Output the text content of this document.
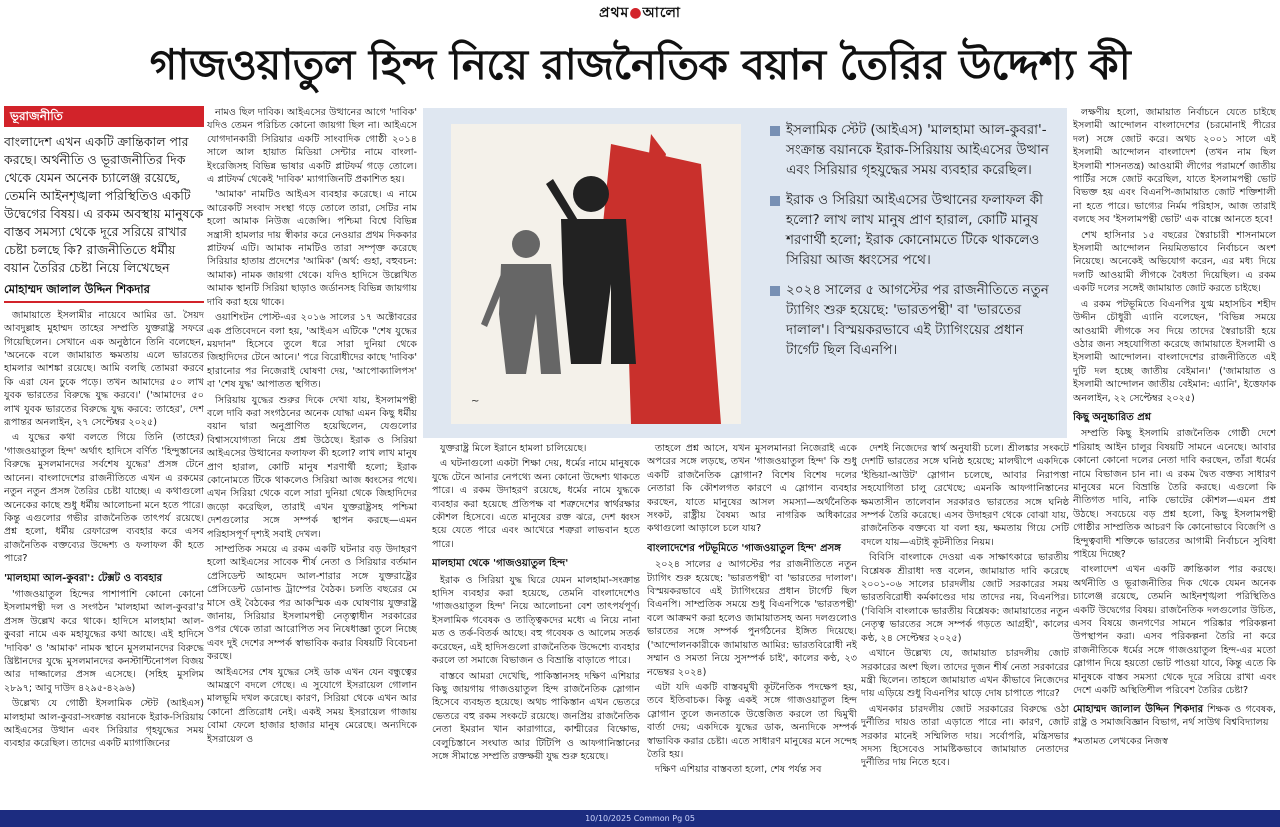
প্রথম●আলো
গাজওয়াতুল হিন্দ নিয়ে রাজনৈতিক বয়ান তৈরির উদ্দেশ্য কী
ভূরাজনীতি

বাংলাদেশ এখন একটি ক্রান্তিকাল পার করছে। অর্থনীতি ও ভূরাজনীতির দিক থেকে যেমন অনেক চ্যালেঞ্জ রয়েছে, তেমনি আইনশৃঙ্খলা পরিস্থিতিও একটি উদ্বেগের বিষয়। এ রকম অবস্থায় মানুষকে বাস্তব সমস্যা থেকে দূরে সরিয়ে রাখার চেষ্টা চলছে কি? রাজনীতিতে ধর্মীয় বয়ান তৈরির চেষ্টা নিয়ে লিখেছেন

মোহাম্মদ জালাল উদ্দিন শিকদার

জামায়াতে ইসলামীর নায়েবে আমির ডা. সৈয়দ আবদুল্লাহ মুহাম্মদ তাহের সম্প্রতি যুক্তরাষ্ট্র সফরে গিয়েছিলেন। সেখানে এক অনুষ্ঠানে তিনি বলেছেন, 'অনেকে বলে জামায়াত ক্ষমতায় এলে ভারতের হামলার আশঙ্কা রয়েছে। আমি বলছি তোমরা করবে কি এরা যেন ঢুকে পড়ে। তখন আমাদের ৫০ লাখ যুবক ভারতের বিরুদ্ধে যুদ্ধ করবে।' ('আমাদের ৫০ লাখ যুবক ভারতের বিরুদ্ধে যুদ্ধ করবে: তাহের', দেশ রূপান্তর অনলাইন, ২৭ সেপ্টেম্বর ২০২৫)

এ যুদ্ধের কথা বলতে গিয়ে তিনি (তাহের) 'গাজওয়াতুল হিন্দ' অর্থাৎ হাদিসে বর্ণিত 'হিন্দুস্তানের বিরুদ্ধে মুসলমানদের সর্বশেষ যুদ্ধের' প্রসঙ্গ টেনে আনেন। বাংলাদেশের রাজনীতিতে এখন এ রকমের নতুন নতুন প্রসঙ্গ তৈরির চেষ্টা যাচ্ছে। এ কথাগুলো অনেকের কাছে শুধু ধর্মীয় আলোচনা মনে হতে পারে। কিন্তু এগুলোর গভীর রাজনৈতিক তাৎপর্য রয়েছে। প্রশ্ন হলো, ধর্মীয় রেফারেন্স ব্যবহার করে এসব রাজনৈতিক বক্তব্যের উদ্দেশ্য ও ফলাফল কী হতে পারে?

'মালহামা আল-কুবরা': টেক্সট ও ব্যবহার

'গাজওয়াতুল হিন্দের পাশাপাশি কোনো কোনো ইসলামপন্থী দল ও সংগঠন 'মালহামা আল-কুবরা'র প্রসঙ্গ উল্লেখ করে থাকে। হাদিসে মালহামা আল-কুবরা নামে এক মহাযুদ্ধের কথা আছে। এই হাদিসে 'দাবিক' ও 'আমাক' নামক স্থানে মুসলমানদের বিরুদ্ধে খ্রিষ্টানদের যুদ্ধে মুসলমানদের কনস্টান্টিনোপল বিজয় আর দাজ্জালের প্রসঙ্গ এসেছে। (সহিহ মুসলিম ২৮৯৭; আবু দাউদ ৪২৯৫-৪২৯৬)

উল্লেখ্য যে গোষ্ঠী ইসলামিক স্টেট (আইএস) মালহামা আল-কুবরা-সংক্রান্ত বয়ানকে ইরাক-সিরিয়ায় আইএসের উত্থান এবং সিরিয়ার গৃহযুদ্ধের সময় ব্যবহার করেছিল। তাদের একটি ম্যাগাজিনের

নামও ছিল দাবিক। আইএসের উত্থানের আগে 'দাবিক' যদিও তেমন পরিচিত কোনো জায়গা ছিল না। আইএসে যোগদানকারী সিরিয়ার একটি সাংবাদিক গোষ্ঠী ২০১৪ সালে আল হায়াত মিডিয়া সেন্টার নামে বাংলা-ইংরেজিসহ বিভিন্ন ভাষার একটি প্লাটফর্ম গড়ে তোলে। এ প্লাটফর্ম থেকেই 'দাবিক' ম্যাগাজিনটি প্রকাশিত হয়।

'আমাক' নামটিও আইএস ব্যবহার করেছে। এ নামে আরেকটি সংবাদ সংস্থা গড়ে তোলে তারা, সেটির নাম হলো আমাক নিউজ এজেন্সি। পশ্চিমা বিশ্বে বিভিন্ন সন্ত্রাসী হামলার দায় স্বীকার করে নেওয়ার প্রথম দিককার প্লাটফর্ম এটি। আমাক নামটিও তারা সম্পৃক্ত করেছে সিরিয়ার হাতায় প্রদেশের 'আমিক' (অর্থ: গুহা, বহুবচন: আমাক) নামক জায়গা থেকে। যদিও হাদিসে উল্লেখিত আমাক স্থানটি সিরিয়া ছাড়াও জর্ডানসহ বিভিন্ন জায়গায় দাবি করা হয়ে থাকে।

ওয়াশিংটন পোস্ট-এর ২০১৬ সালের ১৭ অক্টোবরের এক প্রতিবেদনে বলা হয়, 'আইএস এটিকে "শেষ যুদ্ধের ময়দান" হিসেবে তুলে ধরে সারা দুনিয়া থেকে জিহাদিদের টেনে আনে।' পরে বিরোধীদের কাছে 'দাবিক' হারানোর পর নিজেরাই ঘোষণা দেয়, 'আপোক্যালিপস' বা 'শেষ যুদ্ধ' আপাতত স্থগিত।

সিরিয়ায় যুদ্ধের শুরুর দিকে দেখা যায়, ইসলামপন্থী বলে দাবি করা সংগঠনের অনেক যোদ্ধা এমন কিছু ধর্মীয় বয়ান দ্বারা অনুপ্রাণিত হয়েছিলেন, যেগুলোর বিশ্বাসযোগ্যতা নিয়ে প্রশ্ন উঠেছে। ইরাক ও সিরিয়া আইএসের উত্থানের ফলাফল কী হলো? লাখ লাখ মানুষ প্রাণ হারাল, কোটি মানুষ শরণার্থী হলো; ইরাক কোনোমতে টিকে থাকলেও সিরিয়া আজ ধ্বংসের পথে। এখন সিরিয়া থেকে বলে সারা দুনিয়া থেকে জিহাদিদের জড়ো করেছিল, তারাই এখন যুক্তরাষ্ট্রসহ পশ্চিমা দেশগুলোর সঙ্গে সম্পর্ক স্থাপন করছে—এমন পরিহাসপূর্ণ দৃশ্যই সবাই দেখল।

সাম্প্রতিক সময়ে এ রকম একটি ঘটনার বড় উদাহরণ হলো আইএসের সাবেক শীর্ষ নেতা ও সিরিয়ার বর্তমান প্রেসিডেন্ট আহমেদ আল-শারার সঙ্গে যুক্তরাষ্ট্রের প্রেসিডেন্ট ডোনাল্ড ট্রাম্পের বৈঠক। চলতি বছরের মে মাসে ওই বৈঠকের পর আকস্মিক এক ঘোষণায় যুক্তরাষ্ট্র জানায়, সিরিয়ার ইসলামপন্থী নেতৃত্বাধীন সরকারের ওপর থেকে তারা আরোপিত সব নিষেধাজ্ঞা তুলে নিচ্ছে এবং দুই দেশের সম্পর্ক স্বাভাবিক করার বিষয়টি বিবেচনা করছে।

আইএসের শেষ যুদ্ধের সেই ডাক এখন যেন বন্ধুত্বের আমন্ত্রণে বদলে গেছে। এ সুযোগে ইসরায়েল গোলান মালভূমি দখল করেছে। কারণ, সিরিয়া থেকে এখন আর কোনো প্রতিরোধ নেই। একই সময় ইসরায়েল গাজায় বোমা ফেলে হাজার হাজার মানুষ মেরেছে। অন্যদিকে ইসরায়েল ও

~
ইসলামিক স্টেট (আইএস) 'মালহামা আল-কুবরা'-সংক্রান্ত বয়ানকে ইরাক-সিরিয়ায় আইএসের উত্থান এবং সিরিয়ার গৃহযুদ্ধের সময় ব্যবহার করেছিল।
ইরাক ও সিরিয়া আইএসের উত্থানের ফলাফল কী হলো? লাখ লাখ মানুষ প্রাণ হারাল, কোটি মানুষ শরণার্থী হলো; ইরাক কোনোমতে টিকে থাকলেও সিরিয়া আজ ধ্বংসের পথে।
২০২৪ সালের ৫ আগস্টের পর রাজনীতিতে নতুন ট্যাগিং শুরু হয়েছে: 'ভারতপন্থী' বা 'ভারতের দালাল'। বিস্ময়করভাবে এই ট্যাগিংয়ের প্রধান টার্গেট ছিল বিএনপি।

যুক্তরাষ্ট্র মিলে ইরানে হামলা চালিয়েছে।

এ ঘটনাগুলো একটা শিক্ষা দেয়, ধর্মের নামে মানুষকে যুদ্ধে টেনে আনার নেপথ্যে অন্য কোনো উদ্দেশ্য থাকতে পারে। এ রকম উদাহরণ রয়েছে, ধর্মের নামে যুদ্ধকে ব্যবহার করা হয়েছে প্রতিপক্ষ বা শত্রুদেশের স্বার্থরক্ষার কৌশল হিসেবে। এতে মানুষের রক্ত ঝরে, দেশ ধ্বংস হয়ে যেতে পারে এবং আখেরে শত্রুরা লাভবান হতে পারে।

মালহামা থেকে 'গাজওয়াতুল হিন্দ'

ইরাক ও সিরিয়া যুদ্ধ ঘিরে যেমন মালহামা-সংক্রান্ত হাদিস ব্যবহার করা হয়েছে, তেমনি বাংলাদেশেও 'গাজওয়াতুল হিন্দ' নিয়ে আলোচনা বেশ তাৎপর্যপূর্ণ। ইসলামিক গবেষক ও তাত্ত্বিকদের মধ্যে এ নিয়ে নানা মত ও তর্ক-বিতর্ক আছে। বহু গবেষক ও আলেম সতর্ক করেছেন, এই হাদিসগুলো রাজনৈতিক উদ্দেশ্যে ব্যবহার করলে তা সমাজে বিভাজন ও বিভ্রান্তি বাড়াতে পারে।

বাস্তবে আমরা দেখেছি, পাকিস্তানসহ দক্ষিণ এশিয়ার কিছু জায়গায় গাজওয়াতুল হিন্দ রাজনৈতিক স্লোগান হিসেবে ব্যবহৃত হয়েছে। অথচ পাকিস্তান এখন ভেতরে ভেতরে বহু রকম সংকটে রয়েছে। জনপ্রিয় রাজনৈতিক নেতা ইমরান খান কারাগারে, কাশ্মীরের বিক্ষোভ, বেলুচিস্তানে সংঘাত আর টিটিপি ও আফগানিস্তানের সঙ্গে সীমান্তে সম্প্রতি রক্তক্ষয়ী যুদ্ধ শুরু হয়েছে।

তাহলে প্রশ্ন আসে, যখন মুসলমানরা নিজেরাই একে অপরের সঙ্গে লড়ছে, তখন 'গাজওয়াতুল হিন্দ' কি শুধু একটি রাজনৈতিক স্লোগান? বিশেষ বিশেষ দলের নেতারা কি কৌশলগত কারণে এ স্লোগান ব্যবহার করছেন, যাতে মানুষের আসল সমস্যা—অর্থনৈতিক সংকট, রাষ্ট্রীয় বৈষম্য আর নাগরিক অধিকারের কথাগুলো আড়ালে চলে যায়?

বাংলাদেশের পটভূমিতে 'গাজওয়াতুল হিন্দ' প্রসঙ্গ

২০২৪ সালের ৫ আগস্টের পর রাজনীতিতে নতুন ট্যাগিং শুরু হয়েছে: 'ভারতপন্থী' বা 'ভারতের দালাল'। বিস্ময়করভাবে এই ট্যাগিংয়ের প্রধান টার্গেট ছিল বিএনপি। সাম্প্রতিক সময়ে শুধু বিএনপিকে 'ভারতপন্থী' বলে আক্রমণ করা হলেও জামায়াতসহ অন্য দলগুলোও ভারতের সঙ্গে সম্পর্ক পুনর্গঠনের ইঙ্গিত দিয়েছে। ('আন্দোলনকারীকে জামায়াত আমির: ভারতবিরোধী নই সম্মান ও সমতা নিয়ে সুসম্পর্ক চাই', কালের কণ্ঠ, ২৩ নভেম্বর ২০২৪)

এটা যদি একটি বাস্তবমুখী কূটনৈতিক পদক্ষেপ হয়, তবে ইতিবাচক। কিন্তু একই সঙ্গে গাজওয়াতুল হিন্দ স্লোগান তুলে জনতাকে উত্তেজিত করলে তা দ্বিমুখী বার্তা দেয়; একদিকে যুদ্ধের ডাক, অন্যদিকে সম্পর্ক স্বাভাবিক করার চেষ্টা। এতে সাধারণ মানুষের মনে সন্দেহ তৈরি হয়।

দক্ষিণ এশিয়ার বাস্তবতা হলো, শেষ পর্যন্ত সব

দেশই নিজেদের স্বার্থ অনুযায়ী চলে। শ্রীলঙ্কার সংকটে দেশটি ভারতের সঙ্গে ঘনিষ্ঠ হয়েছে; মালদ্বীপে একদিকে 'ইন্ডিয়া-আউট' স্লোগান চলেছে, আবার নিরাপত্তা সহযোগিতা চালু রেখেছে; এমনকি আফগানিস্তানের ক্ষমতাসীন তালেবান সরকারও ভারতের সঙ্গে ঘনিষ্ঠ সম্পর্ক তৈরি করেছে। এসব উদাহরণ থেকে বোঝা যায়, রাজনৈতিক বক্তব্যে যা বলা হয়, ক্ষমতায় গিয়ে সেটি বদলে যায়—এটাই কূটনীতির নিয়ম।

বিবিসি বাংলাকে দেওয়া এক সাক্ষাৎকারে ভারতীয় বিশ্লেষক শ্রীরাধা দত্ত বলেন, জামায়াত দাবি করেছে ২০০১-০৬ সালের চারদলীয় জোট সরকারের সময় ভারতবিরোধী কর্মকাণ্ডের দায় তাদের নয়, বিএনপির। ('বিবিসি বাংলাকে ভারতীয় বিশ্লেষক: জামায়াতের নতুন নেতৃত্ব ভারতের সঙ্গে সম্পর্ক গড়তে আগ্রহী', কালের কণ্ঠ, ২৪ সেপ্টেম্বর ২০২৫)

এখানে উল্লেখ্য যে, জামায়াত চারদলীয় জোট সরকারের অংশ ছিল। তাদের দুজন শীর্ষ নেতা সরকারের মন্ত্রী ছিলেন। তাহলে জামায়াত এখন কীভাবে নিজেদের দায় এড়িয়ে শুধু বিএনপির ঘাড়ে দোষ চাপাতে পারে?

এখনকার চারদলীয় জোট সরকারের বিরুদ্ধে ওঠা দুর্নীতির দায়ও তারা এড়াতে পারে না। কারণ, জোট সরকার মানেই সম্মিলিত দায়। সর্বোপরি, মন্ত্রিসভার সদস্য হিসেবেও সামষ্টিকভাবে জামায়াত নেতাদের দুর্নীতির দায় নিতে হবে।

লক্ষণীয় হলো, জামায়াত নির্বাচনে যেতে চাইছে ইসলামী আন্দোলন বাংলাদেশের (চরমোনাই পীরের দল) সঙ্গে জোট করে। অথচ ২০০১ সালে এই ইসলামী আন্দোলন বাংলাদেশ (তখন নাম ছিল ইসলামী শাসনতন্ত্র) আওয়ামী লীগের পরামর্শে জাতীয় পার্টির সঙ্গে জোট করেছিল, যাতে ইসলামপন্থী ভোট বিভক্ত হয় এবং বিএনপি-জামায়াত জোট শক্তিশালী না হতে পারে। ভাগ্যের নির্মম পরিহাস, আজ তারাই বলছে সব 'ইসলামপন্থী ভোট' এক বাক্সে আনতে হবে!

শেখ হাসিনার ১৫ বছরের স্বৈরাচারী শাসনামলে ইসলামী আন্দোলন নিয়মিতভাবে নির্বাচনে অংশ নিয়েছে। অনেকেই অভিযোগ করেন, এর মধ্য দিয়ে দলটি আওয়ামী লীগকে বৈধতা দিয়েছিল। এ রকম একটি দলের সঙ্গেই জামায়াত জোট করতে চাইছে।

এ রকম পটভূমিতে বিএনপির যুগ্ম মহাসচিব শহীদ উদ্দীন চৌধুরী এ্যানি বলেছেন, 'বিভিন্ন সময়ে আওয়ামী লীগকে সব দিয়ে তাদের স্বৈরাচারী হয়ে ওঠার জন্য সহযোগিতা করেছে জামায়াতে ইসলামী ও ইসলামী আন্দোলন। বাংলাদেশের রাজনীতিতে এই দুটি দল হচ্ছে জাতীয় বেইমান।' ('জামায়াত ও ইসলামী আন্দোলন জাতীয় বেইমান: এ্যানি', ইত্তেফাক অনলাইন, ২২ সেপ্টেম্বর ২০২৫)

কিছু অনুচ্চারিত প্রশ্ন

সম্প্রতি কিছু ইসলামি রাজনৈতিক গোষ্ঠী দেশে শরিয়াহ আইন চালুর বিষয়টি সামনে এনেছে। আবার কোনো কোনো দলের নেতা দাবি করছেন, তাঁরা ধর্মের নামে বিভাজন চান না। এ রকম দ্বৈত বক্তব্য সাধারণ মানুষের মনে বিভ্রান্তি তৈরি করছে। এগুলো কি নীতিগত দাবি, নাকি ভোটের কৌশল—এমন প্রশ্ন উঠছে। সবচেয়ে বড় প্রশ্ন হলো, কিছু ইসলামপন্থী গোষ্ঠীর সাম্প্রতিক আচরণ কি কোনোভাবে বিজেপি ও হিন্দুত্ববাদী শক্তিকে ভারতের আগামী নির্বাচনে সুবিধা পাইয়ে দিচ্ছে?

বাংলাদেশ এখন একটি ক্রান্তিকাল পার করছে। অর্থনীতি ও ভূরাজনীতির দিক থেকে যেমন অনেক চ্যালেঞ্জ রয়েছে, তেমনি আইনশৃঙ্খলা পরিস্থিতিও একটি উদ্বেগের বিষয়। রাজনৈতিক দলগুলোর উচিত, এসব বিষয়ে জনগণের সামনে পরিষ্কার পরিকল্পনা উপস্থাপন করা। এসব পরিকল্পনা তৈরি না করে রাজনীতিকে ধর্মের সঙ্গে গাজওয়াতুল হিন্দ-এর মতো স্লোগান দিয়ে হয়তো ভোট পাওয়া যাবে, কিন্তু এতে কি মানুষকে বাস্তব সমস্যা থেকে দূরে সরিয়ে রাখা এবং দেশে একটি অস্থিতিশীল পরিবেশ তৈরির চেষ্টা?

মোহাম্মদ জালাল উদ্দিন শিকদার শিক্ষক ও গবেষক, রাষ্ট্র ও সমাজবিজ্ঞান বিভাগ, নর্থ সাউথ বিশ্ববিদ্যালয়
*মতামত লেখকের নিজস্ব
10/10/2025 Common Pg 05
